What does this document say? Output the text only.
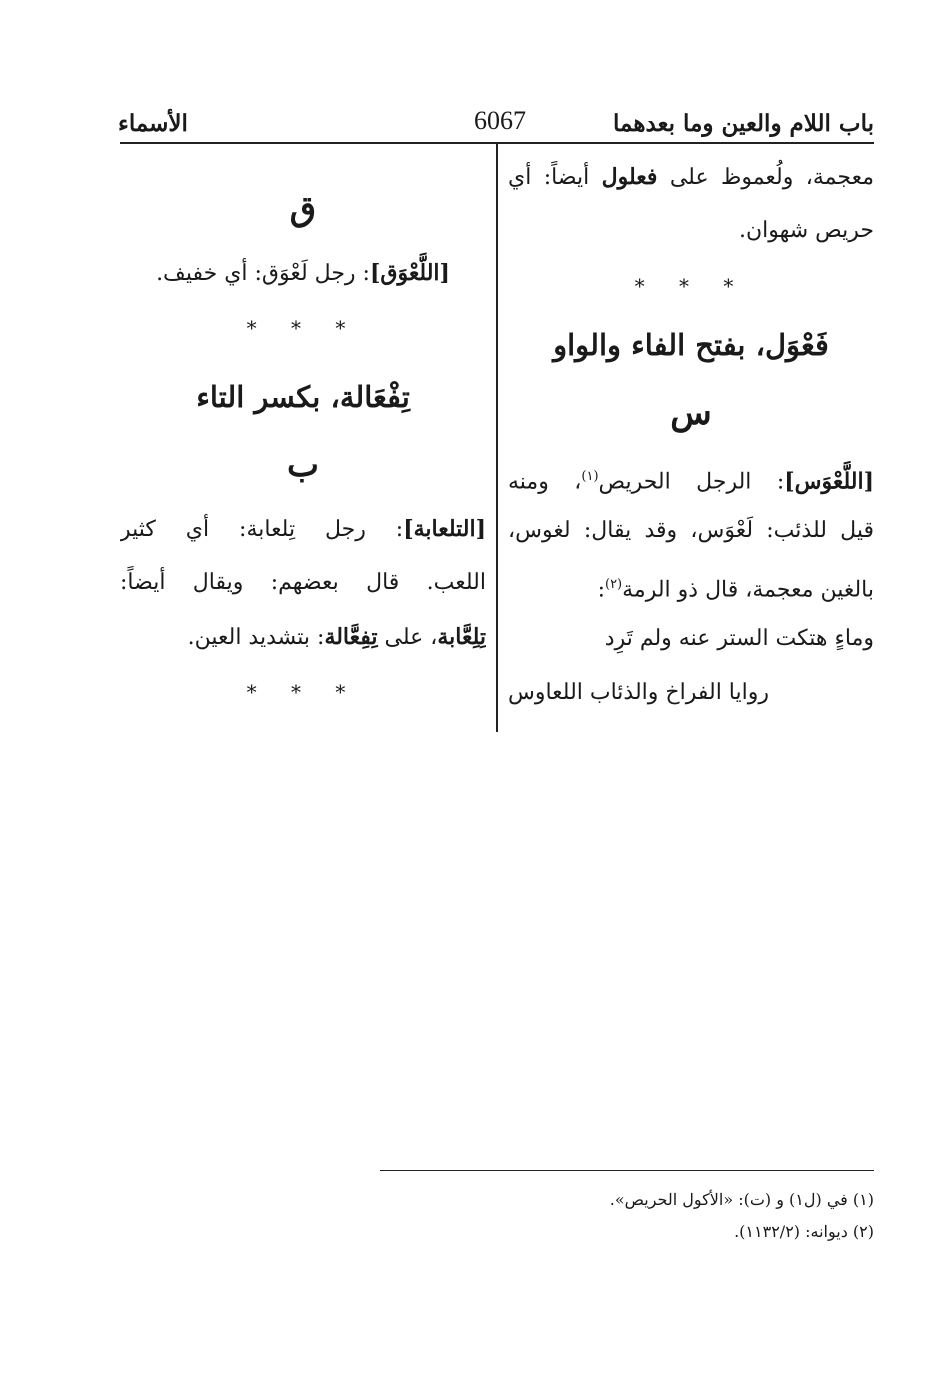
باب اللام والعين وما بعدهما
6067
الأسماء
معجمة، ولُعموظ على فعلول أيضاً: أي
حريص شهوان.
* * *
فَعْوَل، بفتح الفاء والواو
س
[اللَّعْوَس]: الرجل الحريص$^{(١)}$، ومنه
قيل للذئب: لَعْوَس، وقد يقال: لغوس،
بالغين معجمة، قال ذو الرمة$^{(٢)}$:
وماءٍ هتكت الستر عنه ولم تَرِد
روايا الفراخ والذئاب اللعاوس
ق
[اللَّعْوَق]: رجل لَعْوَق: أي خفيف.
* * *
تِفْعَالة، بكسر التاء
ب
[التلعابة]: رجل تِلعابة: أي كثير
اللعب. قال بعضهم: ويقال أيضاً:
تِلِعَّابة، على تِفِعَّالة: بتشديد العين.
* * *
(١) في (ل١) و (ت): «الأكول الحريص».
(٢) ديوانه: (١١٣٢/٢).
